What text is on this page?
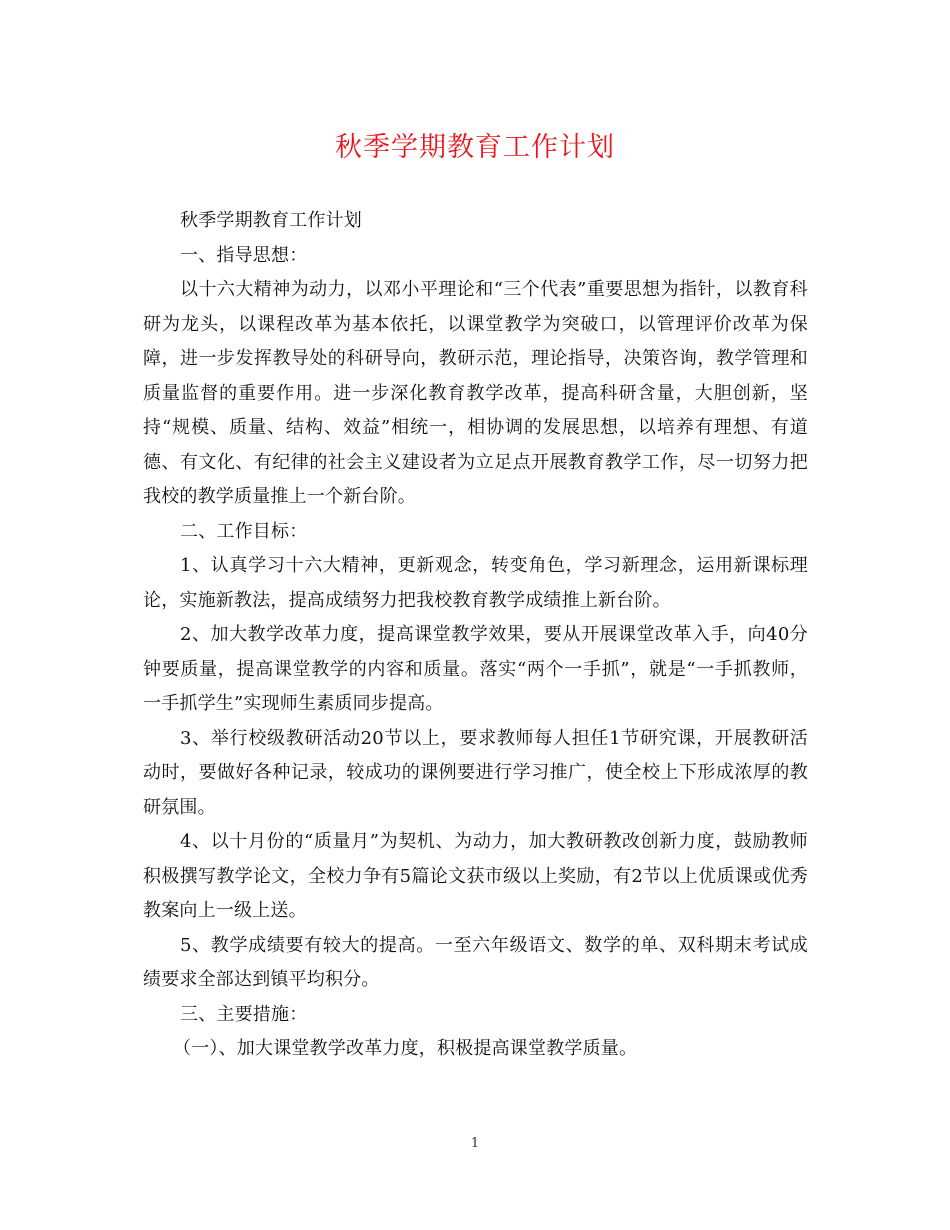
秋季学期教育工作计划

秋季学期教育工作计划

一、指导思想：

以十六大精神为动力，以邓小平理论和“三个代表”重要思想为指针，以教育科研为龙头，以课程改革为基本依托，以课堂教学为突破口，以管理评价改革为保障，进一步发挥教导处的科研导向，教研示范，理论指导，决策咨询，教学管理和质量监督的重要作用。进一步深化教育教学改革，提高科研含量，大胆创新，坚持“规模、质量、结构、效益”相统一，相协调的发展思想，以培养有理想、有道德、有文化、有纪律的社会主义建设者为立足点开展教育教学工作，尽一切努力把我校的教学质量推上一个新台阶。

二、工作目标：

1、认真学习十六大精神，更新观念，转变角色，学习新理念，运用新课标理论，实施新教法，提高成绩努力把我校教育教学成绩推上新台阶。

2、加大教学改革力度，提高课堂教学效果，要从开展课堂改革入手，向40分钟要质量，提高课堂教学的内容和质量。落实“两个一手抓”，就是“一手抓教师，一手抓学生”实现师生素质同步提高。

3、举行校级教研活动20节以上，要求教师每人担任1节研究课，开展教研活动时，要做好各种记录，较成功的课例要进行学习推广，使全校上下形成浓厚的教研氛围。

4、以十月份的“质量月”为契机、为动力，加大教研教改创新力度，鼓励教师积极撰写教学论文，全校力争有5篇论文获市级以上奖励，有2节以上优质课或优秀教案向上一级上送。

5、教学成绩要有较大的提高。一至六年级语文、数学的单、双科期末考试成绩要求全部达到镇平均积分。

三、主要措施：

（一）、加大课堂教学改革力度，积极提高课堂教学质量。

1
